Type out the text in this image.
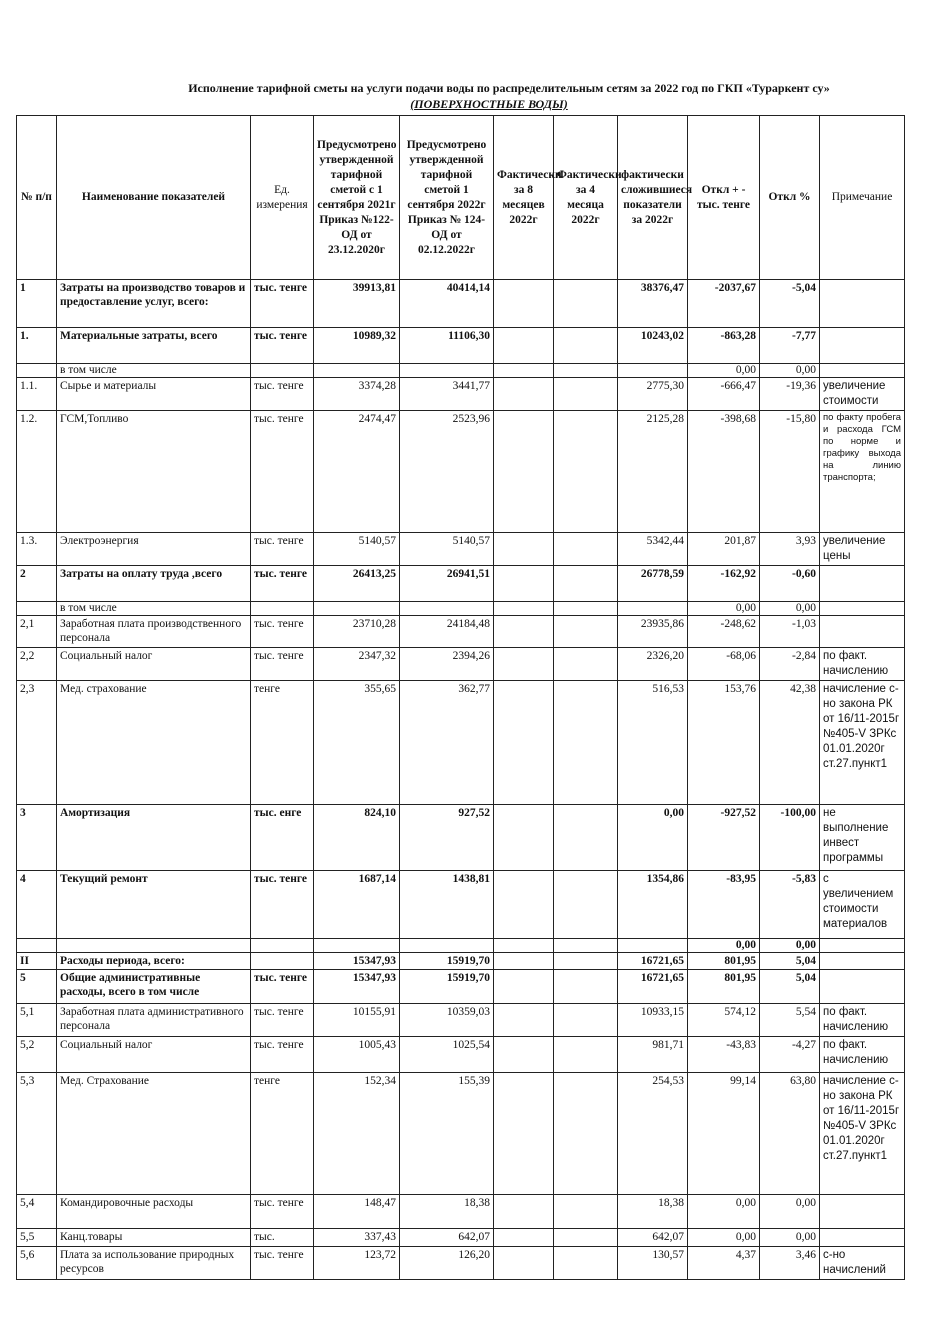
Исполнение тарифной сметы на услуги подачи воды по распределительным сетям за 2022 год по ГКП «Тураркент су»
(ПОВЕРХНОСТНЫЕ ВОДЫ)
№ п/п	Наименование показателей	Ед. измерения	Предусмотрено утвержденной тарифной сметой с 1 сентября 2021г Приказ №122-ОД от 23.12.2020г	Предусмотрено утвержденной тарифной сметой 1 сентября 2022г Приказ № 124-ОД от 02.12.2022г	Фактически за 8 месяцев 2022г	Фактически за 4 месяца 2022г	фактически сложившиеся показатели за 2022г	Откл + - тыс. тенге	Откл %	Примечание
1	Затраты на производство товаров и предоставление услуг, всего:	тыс. тенге	39913,81	40414,14			38376,47	-2037,67	-5,04	
1.	Материальные затраты, всего	тыс. тенге	10989,32	11106,30			10243,02	-863,28	-7,77	
	в том числе							0,00	0,00	
1.1.	Сырье и материалы	тыс. тенге	3374,28	3441,77			2775,30	-666,47	-19,36	увеличение стоимости
1.2.	ГСМ,Топливо	тыс. тенге	2474,47	2523,96			2125,28	-398,68	-15,80	по фактy пробега и расхода ГСМ по норме и графику выхода на линию транспорта;
1.3.	Электроэнергия	тыс. тенге	5140,57	5140,57			5342,44	201,87	3,93	увеличение цены
2	Затраты на оплату труда ,всего	тыс. тенге	26413,25	26941,51			26778,59	-162,92	-0,60	
	в том числе							0,00	0,00	
2,1	Заработная плата производственного персонала	тыс. тенге	23710,28	24184,48			23935,86	-248,62	-1,03	
2,2	Социальный налог	тыс. тенге	2347,32	2394,26			2326,20	-68,06	-2,84	по факт. начислению
2,3	Мед. страхование	тенге	355,65	362,77			516,53	153,76	42,38	начисление с-но закона РК от 16/11-2015г №405-V ЗРКс 01.01.2020г ст.27.пункт1
3	Амортизация	тыс. енге	824,10	927,52			0,00	-927,52	-100,00	не выполнение инвест программы
4	Текущий ремонт	тыс. тенге	1687,14	1438,81			1354,86	-83,95	-5,83	с увеличением стоимости материалов
								0,00	0,00	
II	Расходы периода, всего:		15347,93	15919,70			16721,65	801,95	5,04	
5	Общие административные расходы, всего в том числе	тыс. тенге	15347,93	15919,70			16721,65	801,95	5,04	
5,1	Заработная плата административного персонала	тыс. тенге	10155,91	10359,03			10933,15	574,12	5,54	по факт. начислению
5,2	Социальный налог	тыс. тенге	1005,43	1025,54			981,71	-43,83	-4,27	по факт. начислению
5,3	Мед. Страхование	тенге	152,34	155,39			254,53	99,14	63,80	начисление с-но закона РК от 16/11-2015г №405-V ЗРКс 01.01.2020г ст.27.пункт1
5,4	Командировочные расходы	тыс. тенге	148,47	18,38			18,38	0,00	0,00	
5,5	Канц.товары	тыс.	337,43	642,07			642,07	0,00	0,00	
5,6	Плата за использование природных ресурсов	тыс. тенге	123,72	126,20			130,57	4,37	3,46	с-но начислений
